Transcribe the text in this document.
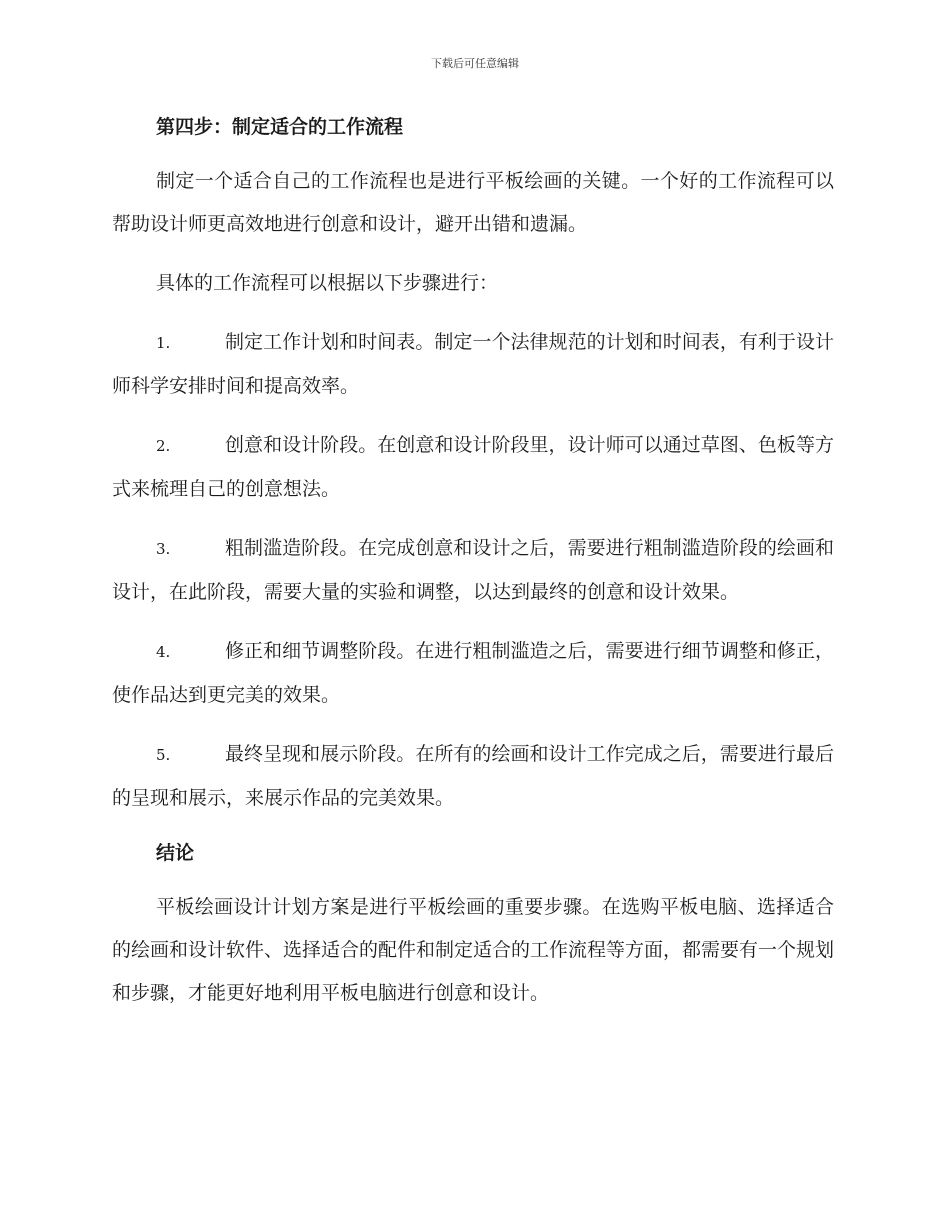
下载后可任意编辑
第四步：制定适合的工作流程

制定一个适合自己的工作流程也是进行平板绘画的关键。一个好的工作流程可以帮助设计师更高效地进行创意和设计，避开出错和遗漏。

具体的工作流程可以根据以下步骤进行：

1.	制定工作计划和时间表。制定一个法律规范的计划和时间表，有利于设计师科学安排时间和提高效率。

2.	创意和设计阶段。在创意和设计阶段里，设计师可以通过草图、色板等方式来梳理自己的创意想法。

3.	粗制滥造阶段。在完成创意和设计之后，需要进行粗制滥造阶段的绘画和设计，在此阶段，需要大量的实验和调整，以达到最终的创意和设计效果。

4.	修正和细节调整阶段。在进行粗制滥造之后，需要进行细节调整和修正，使作品达到更完美的效果。

5.	最终呈现和展示阶段。在所有的绘画和设计工作完成之后，需要进行最后的呈现和展示，来展示作品的完美效果。

结论

平板绘画设计计划方案是进行平板绘画的重要步骤。在选购平板电脑、选择适合的绘画和设计软件、选择适合的配件和制定适合的工作流程等方面，都需要有一个规划和步骤，才能更好地利用平板电脑进行创意和设计。
